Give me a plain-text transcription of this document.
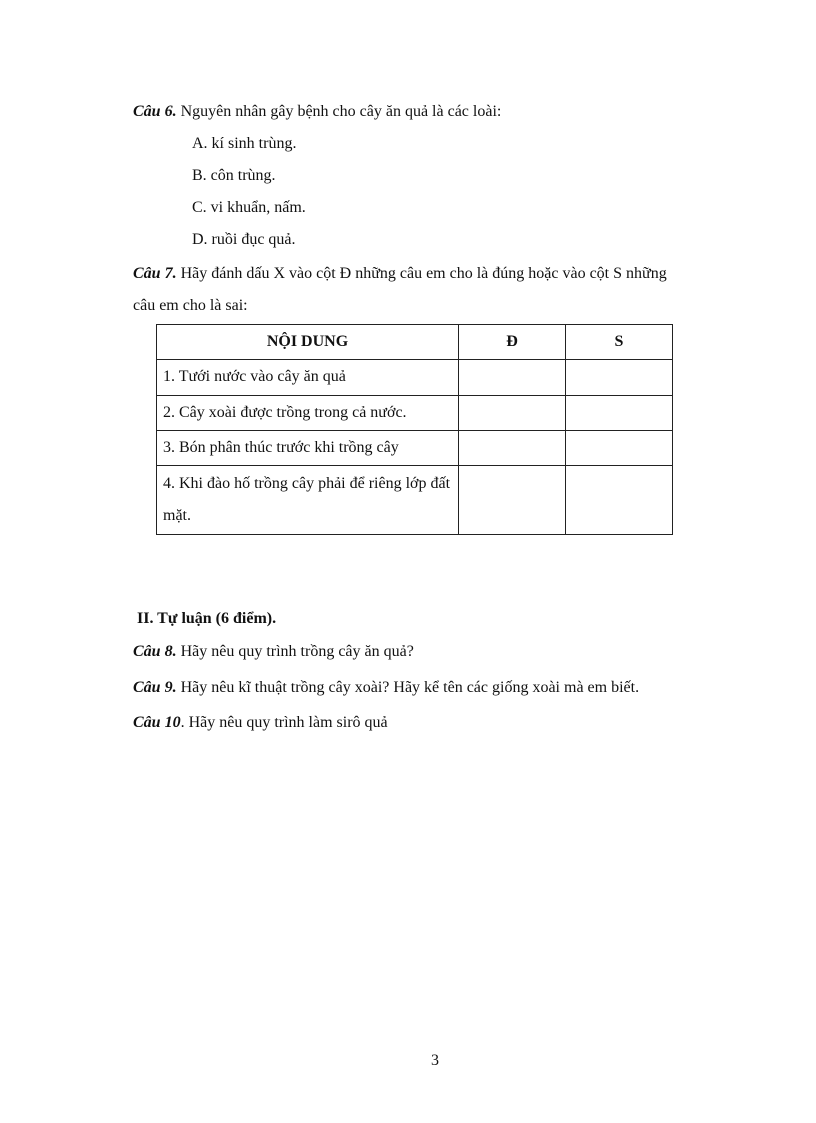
Câu 6. Nguyên nhân gây bệnh cho cây ăn quả là các loài:
A. kí sinh trùng.
B. côn trùng.
C. vi khuẩn, nấm.
D. ruồi đục quả.
Câu 7. Hãy đánh dấu X vào cột Đ những câu em cho là đúng hoặc vào cột S những
câu em cho là sai:
NỘI DUNG	Đ	S
1. Tưới nước vào cây ăn quả		
2. Cây xoài được trồng trong cả nước.		
3. Bón phân thúc trước khi trồng cây		
4. Khi đào hố trồng cây phải để riêng lớp đất mặt.		
II. Tự luận (6 điểm).
Câu 8. Hãy nêu quy trình trồng cây ăn quả?
Câu 9. Hãy nêu kĩ thuật trồng cây xoài? Hãy kể tên các giống xoài mà em biết.
Câu 10. Hãy nêu quy trình làm sirô quả
3
